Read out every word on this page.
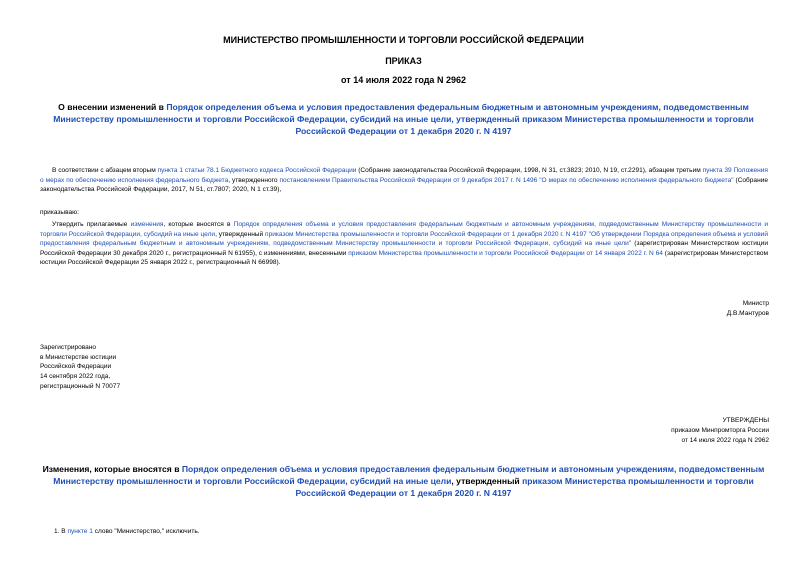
МИНИСТЕРСТВО ПРОМЫШЛЕННОСТИ И ТОРГОВЛИ РОССИЙСКОЙ ФЕДЕРАЦИИ
ПРИКАЗ
от 14 июля 2022 года N 2962
О внесении изменений в Порядок определения объема и условия предоставления федеральным бюджетным и автономным учреждениям, подведомственным Министерству промышленности и торговли Российской Федерации, субсидий на иные цели, утвержденный приказом Министерства промышленности и торговли Российской Федерации от 1 декабря 2020 г. N 4197
В соответствии с абзацем вторым пункта 1 статьи 78.1 Бюджетного кодекса Российской Федерации (Собрание законодательства Российской Федерации, 1998, N 31, ст.3823; 2010, N 19, ст.2291), абзацем третьим пункта 39 Положения о мерах по обеспечению исполнения федерального бюджета, утвержденного постановлением Правительства Российской Федерации от 9 декабря 2017 г. N 1496 "О мерах по обеспечению исполнения федерального бюджета" (Собрание законодательства Российской Федерации, 2017, N 51, ст.7807; 2020, N 1 ст.39),
приказываю:
Утвердить прилагаемые изменения, которые вносятся в Порядок определения объема и условия предоставления федеральным бюджетным и автономным учреждениям, подведомственным Министерству промышленности и торговли Российской Федерации, субсидий на иные цели, утвержденный приказом Министерства промышленности и торговли Российской Федерации от 1 декабря 2020 г. N 4197 "Об утверждении Порядка определения объема и условий предоставления федеральным бюджетным и автономным учреждениям, подведомственным Министерству промышленности и торговли Российской Федерации, субсидий на иные цели" (зарегистрирован Министерством юстиции Российской Федерации 30 декабря 2020 г., регистрационный N 61955), с изменениями, внесенными приказом Министерства промышленности и торговли Российской Федерации от 14 января 2022 г. N 64 (зарегистрирован Министерством юстиции Российской Федерации 25 января 2022 г., регистрационный N 66998).
Министр
Д.В.Мантуров
Зарегистрировано
в Министерстве юстиции
Российской Федерации
14 сентября 2022 года,
регистрационный N 70077
УТВЕРЖДЕНЫ
приказом Минпромторга России
от 14 июля 2022 года N 2962
Изменения, которые вносятся в Порядок определения объема и условия предоставления федеральным бюджетным и автономным учреждениям, подведомственным Министерству промышленности и торговли Российской Федерации, субсидий на иные цели, утвержденный приказом Министерства промышленности и торговли Российской Федерации от 1 декабря 2020 г. N 4197
1. В пункте 1 слово "Министерство," исключить.
